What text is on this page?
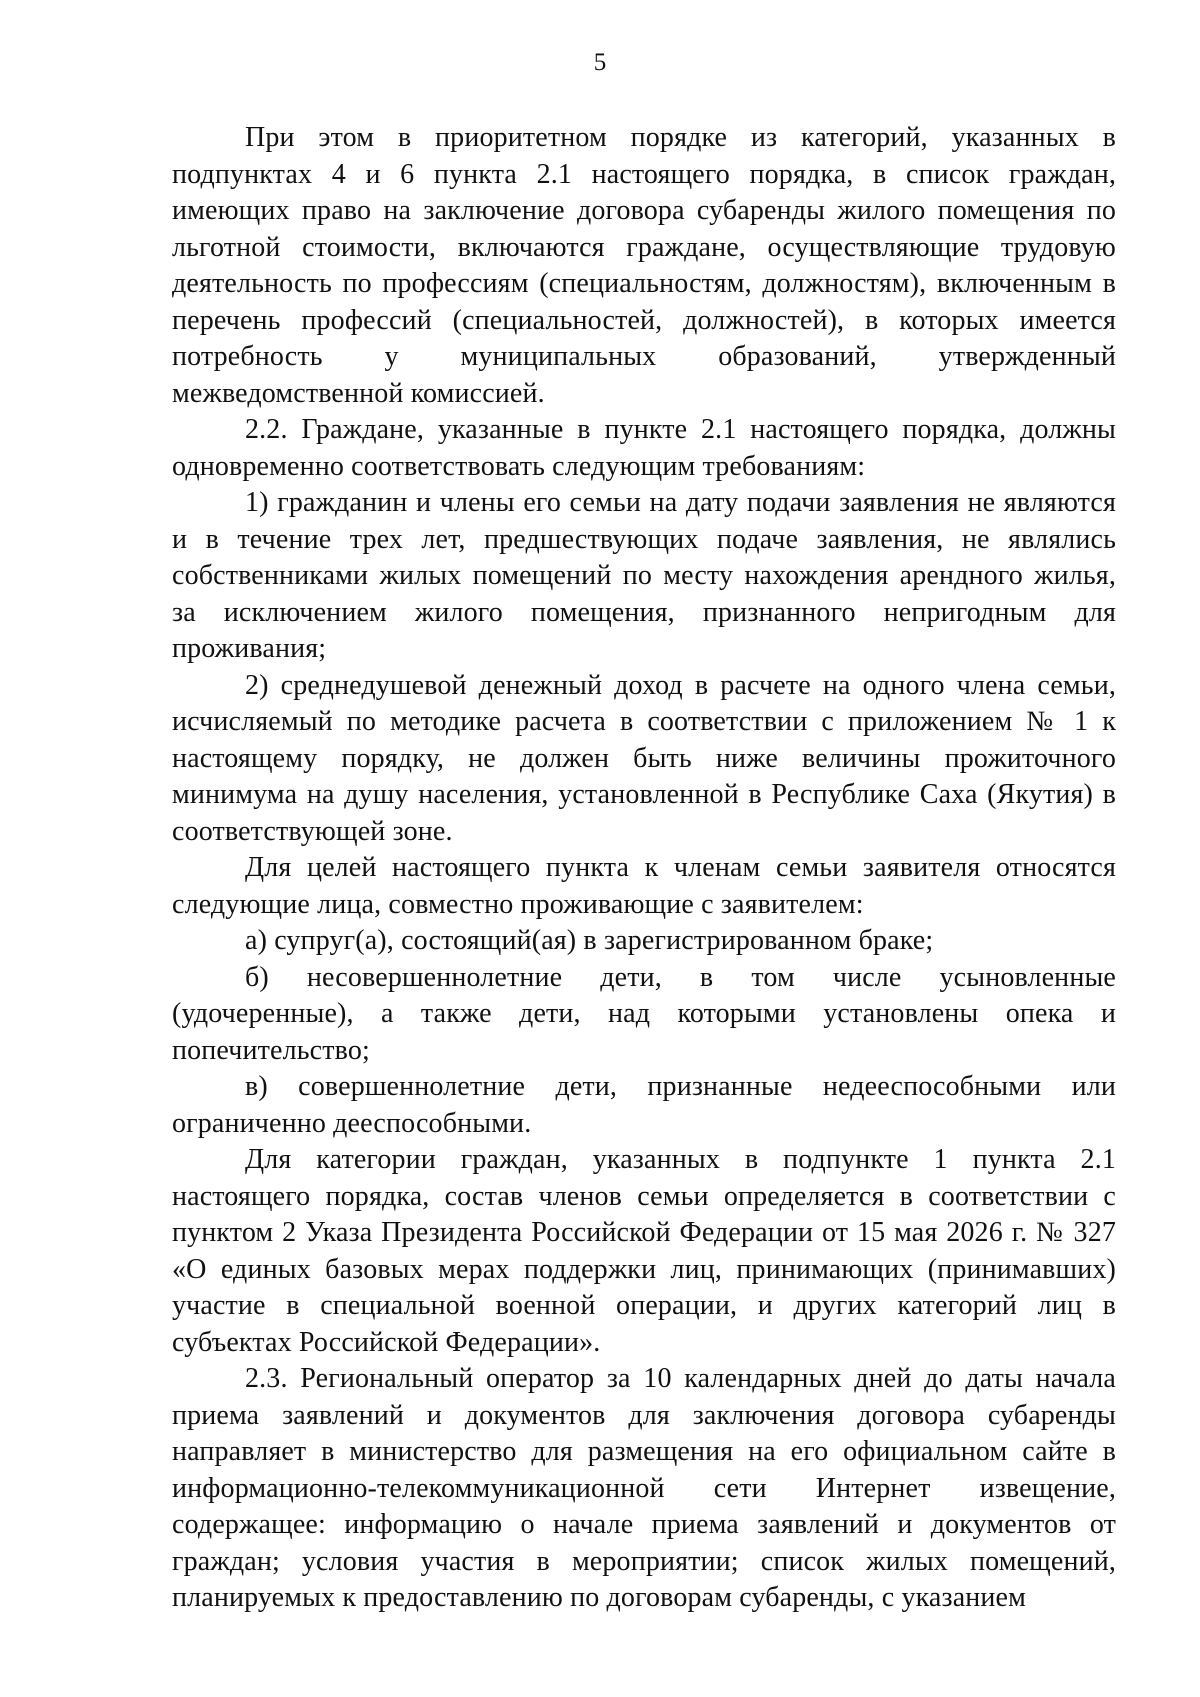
5

При этом в приоритетном порядке из категорий, указанных в подпунктах 4 и 6 пункта 2.1 настоящего порядка, в список граждан, имеющих право на заключение договора субаренды жилого помещения по льготной стоимости, включаются граждане, осуществляющие трудовую деятельность по профессиям (специальностям, должностям), включенным в перечень профессий (специальностей, должностей), в которых имеется потребность у муниципальных образований, утвержденный межведомственной комиссией.

2.2. Граждане, указанные в пункте 2.1 настоящего порядка, должны одновременно соответствовать следующим требованиям:

1) гражданин и члены его семьи на дату подачи заявления не являются и в течение трех лет, предшествующих подаче заявления, не являлись собственниками жилых помещений по месту нахождения арендного жилья, за исключением жилого помещения, признанного непригодным для проживания;

2) среднедушевой денежный доход в расчете на одного члена семьи, исчисляемый по методике расчета в соответствии с приложением № 1 к настоящему порядку, не должен быть ниже величины прожиточного минимума на душу населения, установленной в Республике Саха (Якутия) в соответствующей зоне.

Для целей настоящего пункта к членам семьи заявителя относятся следующие лица, совместно проживающие с заявителем:

а) супруг(а), состоящий(ая) в зарегистрированном браке;

б) несовершеннолетние дети, в том числе усыновленные (удочеренные), а также дети, над которыми установлены опека и попечительство;

в) совершеннолетние дети, признанные недееспособными или ограниченно дееспособными.

Для категории граждан, указанных в подпункте 1 пункта 2.1 настоящего порядка, состав членов семьи определяется в соответствии с пунктом 2 Указа Президента Российской Федерации от 15 мая 2026 г. № 327 «О единых базовых мерах поддержки лиц, принимающих (принимавших) участие в специальной военной операции, и других категорий лиц в субъектах Российской Федерации».

2.3. Региональный оператор за 10 календарных дней до даты начала приема заявлений и документов для заключения договора субаренды направляет в министерство для размещения на его официальном сайте в информационно-телекоммуникационной сети Интернет извещение, содержащее: информацию о начале приема заявлений и документов от граждан; условия участия в мероприятии; список жилых помещений, планируемых к предоставлению по договорам субаренды, с указанием
